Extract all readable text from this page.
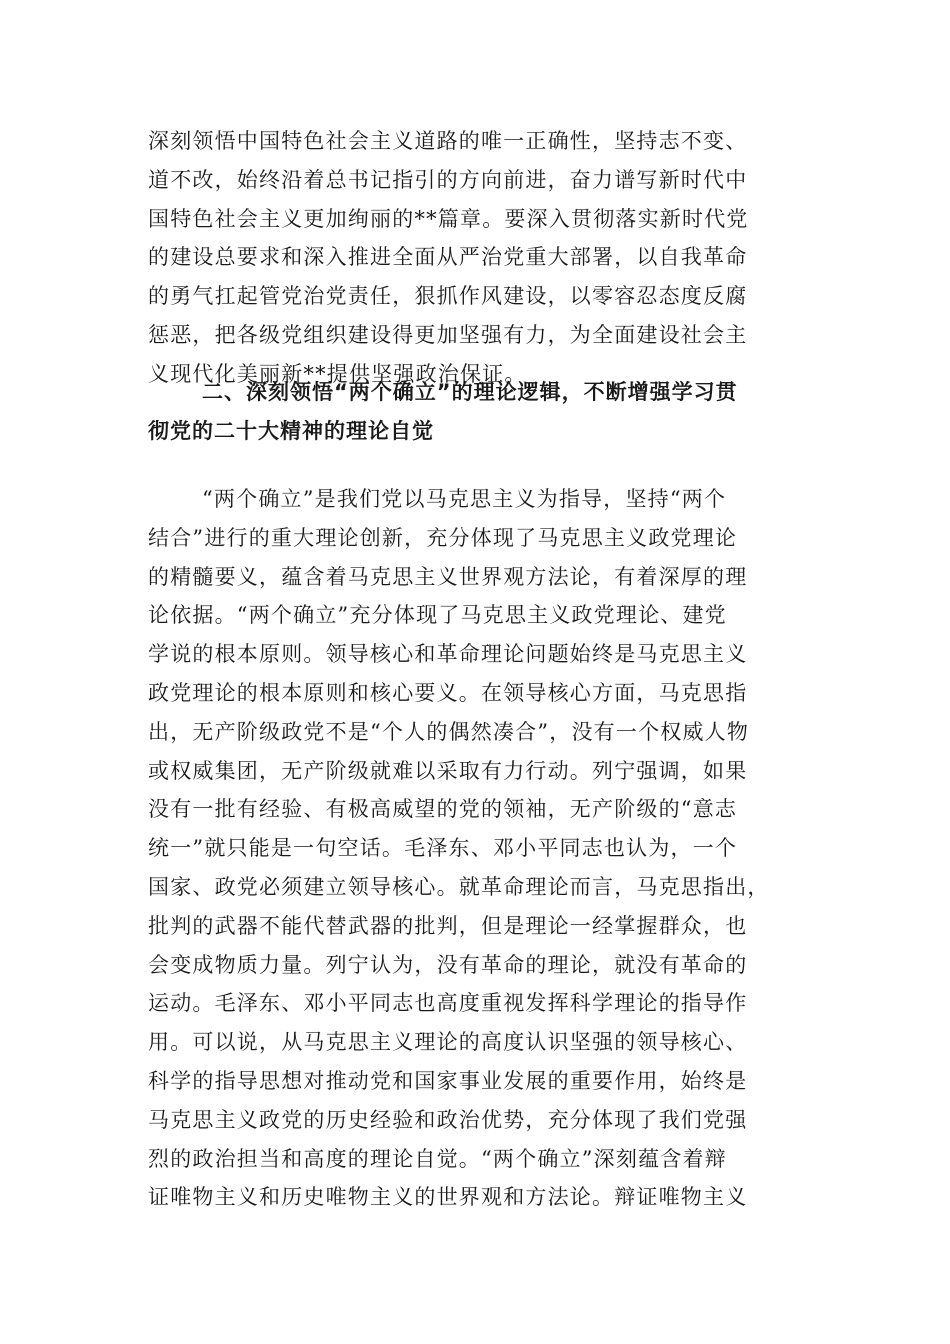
深刻领悟中国特色社会主义道路的唯一正确性，坚持志不变、
道不改，始终沿着总书记指引的方向前进，奋力谱写新时代中
国特色社会主义更加绚丽的**篇章。要深入贯彻落实新时代党
的建设总要求和深入推进全面从严治党重大部署，以自我革命
的勇气扛起管党治党责任，狠抓作风建设，以零容忍态度反腐
惩恶，把各级党组织建设得更加坚强有力，为全面建设社会主
义现代化美丽新**提供坚强政治保证。
二、深刻领悟“两个确立”的理论逻辑，不断增强学习贯
彻党的二十大精神的理论自觉
“两个确立”是我们党以马克思主义为指导，坚持“两个
结合”进行的重大理论创新，充分体现了马克思主义政党理论
的精髓要义，蕴含着马克思主义世界观方法论，有着深厚的理
论依据。“两个确立”充分体现了马克思主义政党理论、建党
学说的根本原则。领导核心和革命理论问题始终是马克思主义
政党理论的根本原则和核心要义。在领导核心方面，马克思指
出，无产阶级政党不是“个人的偶然凑合”，没有一个权威人物
或权威集团，无产阶级就难以采取有力行动。列宁强调，如果
没有一批有经验、有极高威望的党的领袖，无产阶级的“意志
统一”就只能是一句空话。毛泽东、邓小平同志也认为，一个
国家、政党必须建立领导核心。就革命理论而言，马克思指出，
批判的武器不能代替武器的批判，但是理论一经掌握群众，也
会变成物质力量。列宁认为，没有革命的理论，就没有革命的
运动。毛泽东、邓小平同志也高度重视发挥科学理论的指导作
用。可以说，从马克思主义理论的高度认识坚强的领导核心、
科学的指导思想对推动党和国家事业发展的重要作用，始终是
马克思主义政党的历史经验和政治优势，充分体现了我们党强
烈的政治担当和高度的理论自觉。“两个确立”深刻蕴含着辩
证唯物主义和历史唯物主义的世界观和方法论。辩证唯物主义
